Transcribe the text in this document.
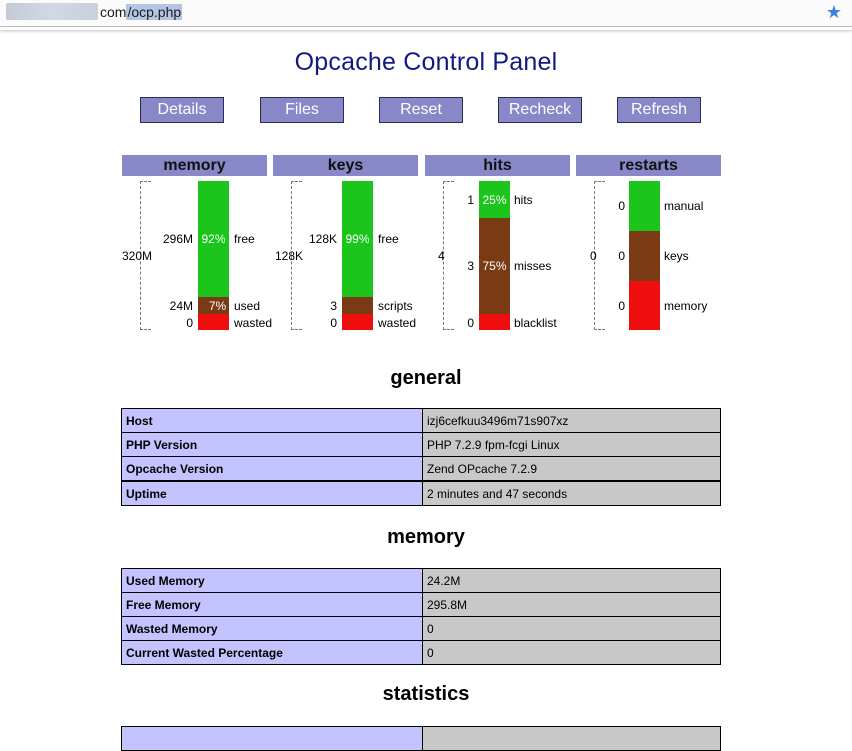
com/ocp.php	★
Opcache Control Panel
Details	Files	Reset	Recheck	Refresh
memory	keys	hits	restarts
320M
92%
7%
296M
24M
0
free
used
wasted
128K
99%
128K
3
0
free
scripts
wasted
4
25%
75%
1
3
0
hits
misses
blacklist
0
0
0
0
manual
keys
memory
general
Host	izj6cefkuu3496m71s907xz
PHP Version	PHP 7.2.9 fpm-fcgi Linux
Opcache Version	Zend OPcache 7.2.9
Uptime	2 minutes and 47 seconds
memory
Used Memory	24.2M
Free Memory	295.8M
Wasted Memory	0
Current Wasted Percentage	0
statistics
